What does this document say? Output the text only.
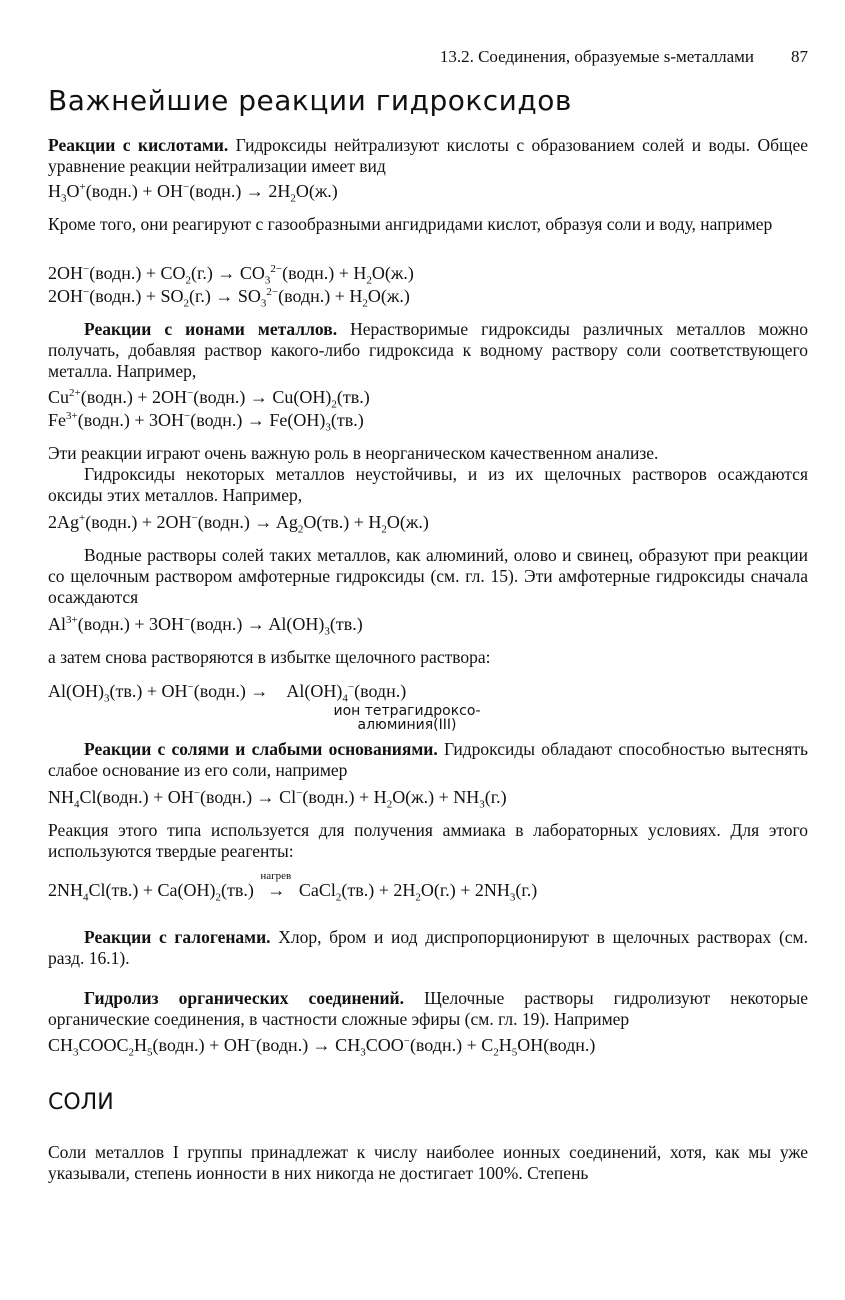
13.2. Соединения, образуемые s-металлами 87
Важнейшие реакции гидроксидов

Реакции с кислотами. Гидроксиды нейтрализуют кислоты с образованием солей и воды. Общее уравнение реакции нейтрализации имеет вид

$H_3O^+(водн.)$ + OH−(водн.) → $2H_2O(ж.)$

Кроме того, они реагируют с газообразными ангидридами кислот, образуя соли и воду, например

2OH−(водн.) + $CO_2(г.)$ → $CO_3^{2-}(водн.) + H_2O(ж.)$
2OH−(водн.) + $SO_2(г.)$ → $SO_3^{2-}(водн.) + H_2O(ж.)$

Реакции с ионами металлов. Нерастворимые гидроксиды различных металлов можно получать, добавляя раствор какого-либо гидроксида к водному раствору соли соответствующего металла. Например,

$Cu^{2+}(водн.)$ + 2OH−(водн.) → $Cu(OH)_2(тв.)$
$Fe^{3+}(водн.)$ + 3OH−(водн.) → $Fe(OH)_3(тв.)$

Эти реакции играют очень важную роль в неорганическом качественном анализе.

Гидроксиды некоторых металлов неустойчивы, и из их щелочных растворов осаждаются оксиды этих металлов. Например,

2Ag+(водн.) + 2OH−(водн.) → $Ag_2O(тв.) + H_2O(ж.)$

Водные растворы солей таких металлов, как алюминий, олово и свинец, образуют при реакции со щелочным раствором амфотерные гидроксиды (см. гл. 15). Эти амфотерные гидроксиды сначала осаждаются

$Al^{3+}(водн.)$ + 3OH−(водн.) → $Al(OH)_3(тв.)$

а затем снова растворяются в избытке щелочного раствора:

$Al(OH)_3(тв.)$ + OH−(водн.) →    $Al(OH)_4^-(водн.)$
ион тетрагидроксо-алюминия(III)

Реакции с солями и слабыми основаниями. Гидроксиды обладают способностью вытеснять слабое основание из его соли, например

$NH_4Cl(водн.)$ + OH−(водн.) → Cl−(водн.) + $H_2O(ж.) + NH_3(г.)$

Реакция этого типа используется для получения аммиака в лабораторных условиях. Для этого используются твердые реагенты:

$2NH_4Cl(тв.) + Ca(OH)_2(тв.)$
нагрев
→   CaCl$_2$(тв.) + $2H_2O(г.) + 2NH_3(г.)$

Реакции с галогенами. Хлор, бром и иод диспропорционируют в щелочных растворах (см. разд. 16.1).

Гидролиз органических соединений. Щелочные растворы гидролизуют некоторые органические соединения, в частности сложные эфиры (см. гл. 19). Например

$CH_3COOC_2H_5(водн.)$ + OH−(водн.) → $CH_3COO^-(водн.)$ + $C_2H_5OH(водн.)$
СОЛИ

Соли металлов I группы принадлежат к числу наиболее ионных соединений, хотя, как мы уже указывали, степень ионности в них никогда не достигает 100%. Степень
